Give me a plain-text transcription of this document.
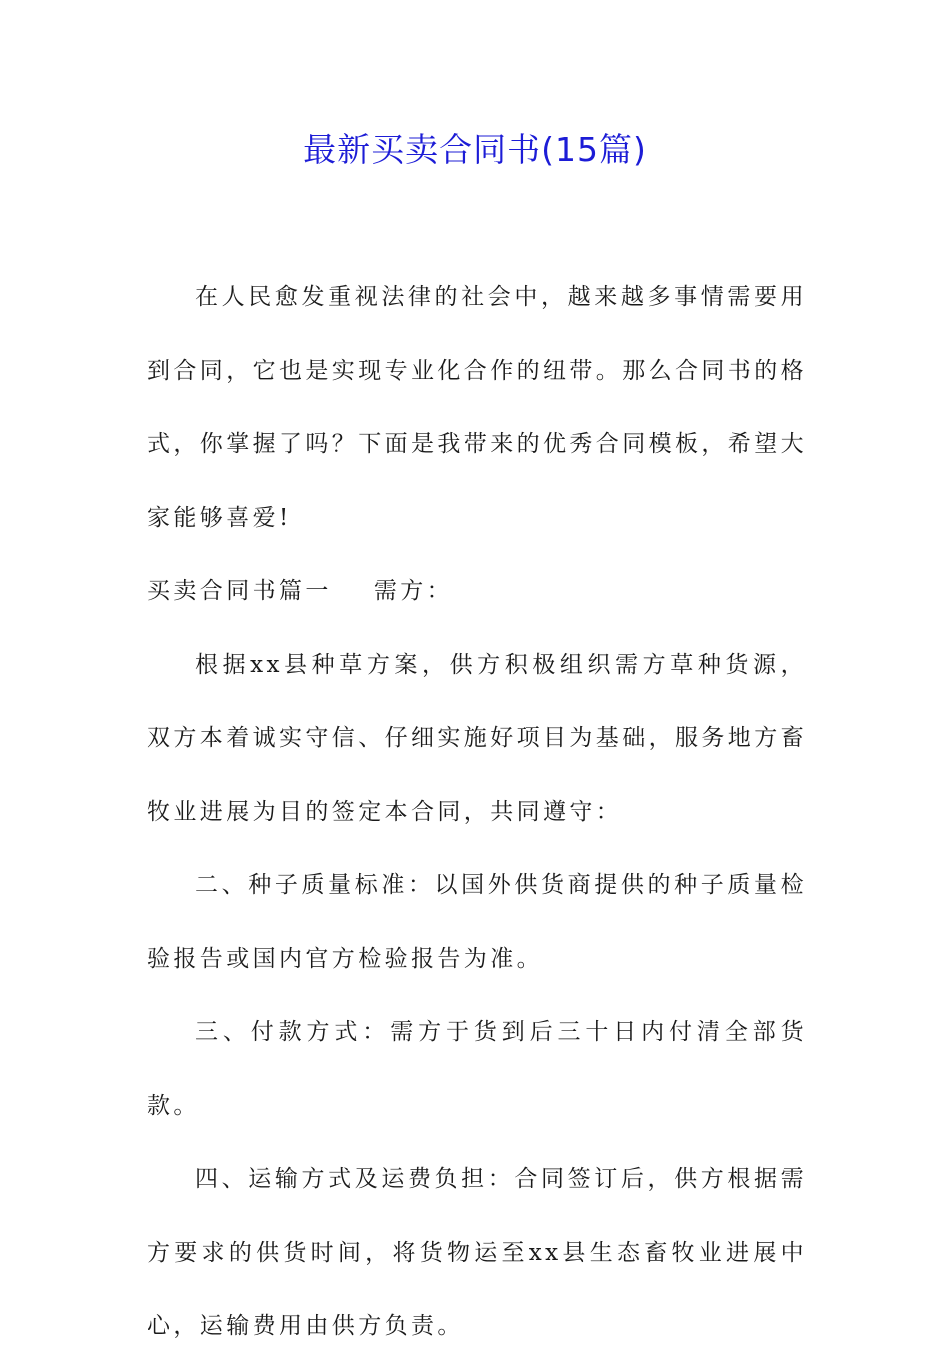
最新买卖合同书(15篇)

在人民愈发重视法律的社会中，越来越多事情需要用到合同，它也是实现专业化合作的纽带。那么合同书的格式，你掌握了吗？下面是我带来的优秀合同模板，希望大家能够喜爱!

买卖合同书篇一 需方：

根据xx县种草方案，供方积极组织需方草种货源，双方本着诚实守信、仔细实施好项目为基础，服务地方畜牧业进展为目的签定本合同，共同遵守：

二、种子质量标准：以国外供货商提供的种子质量检验报告或国内官方检验报告为准。

三、付款方式：需方于货到后三十日内付清全部货款。

四、运输方式及运费负担：合同签订后，供方根据需方要求的供货时间，将货物运至xx县生态畜牧业进展中心，运输费用由供方负责。
